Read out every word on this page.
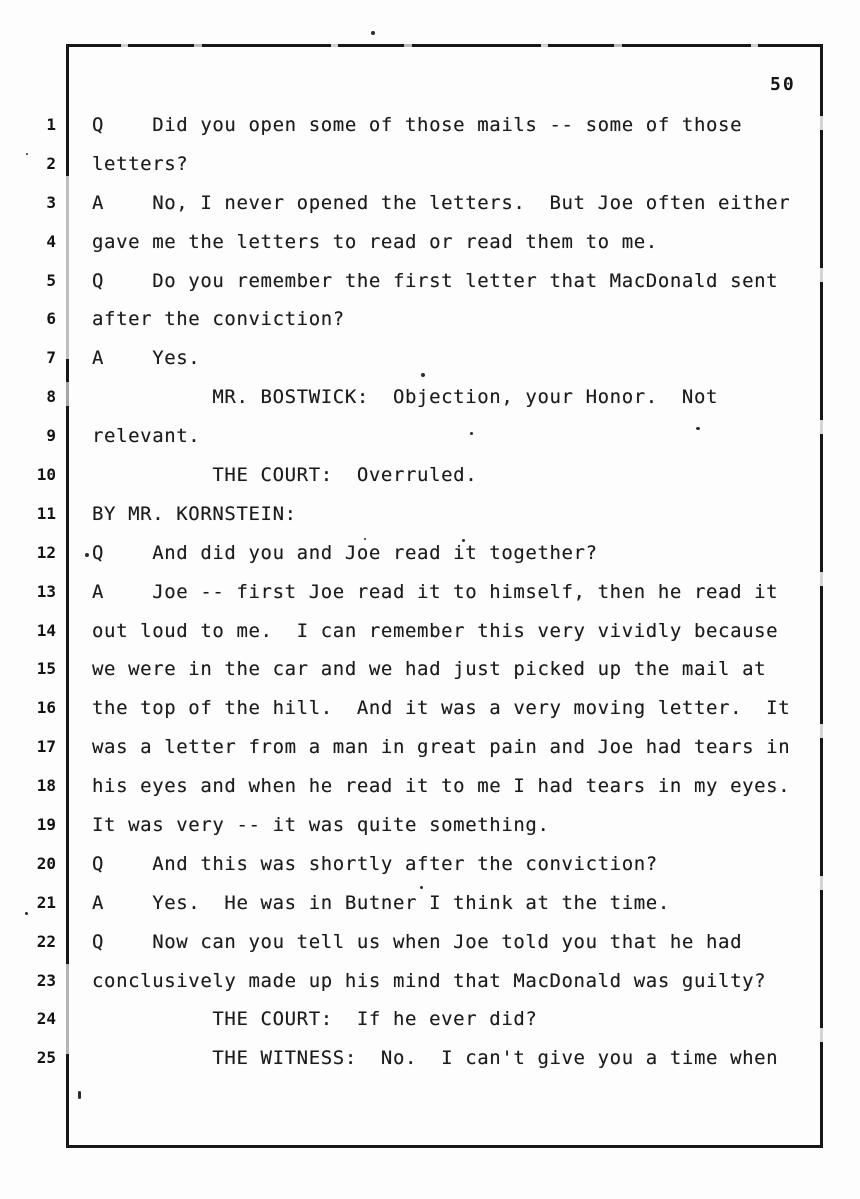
50
1 Q    Did you open some of those mails -- some of those
2 letters?
3 A    No, I never opened the letters.  But Joe often either
4 gave me the letters to read or read them to me.
5 Q    Do you remember the first letter that MacDonald sent
6 after the conviction?
7 A    Yes.
8 MR. BOSTWICK:  Objection, your Honor.  Not
9 relevant.
10 THE COURT:  Overruled.
11 BY MR. KORNSTEIN:
12 Q    And did you and Joe read it together?
13 A    Joe -- first Joe read it to himself, then he read it
14 out loud to me.  I can remember this very vividly because
15 we were in the car and we had just picked up the mail at
16 the top of the hill.  And it was a very moving letter.  It
17 was a letter from a man in great pain and Joe had tears in
18 his eyes and when he read it to me I had tears in my eyes.
19 It was very -- it was quite something.
20 Q    And this was shortly after the conviction?
21 A    Yes.  He was in Butner I think at the time.
22 Q    Now can you tell us when Joe told you that he had
23 conclusively made up his mind that MacDonald was guilty?
24 THE COURT:  If he ever did?
25 THE WITNESS:  No.  I can't give you a time when
